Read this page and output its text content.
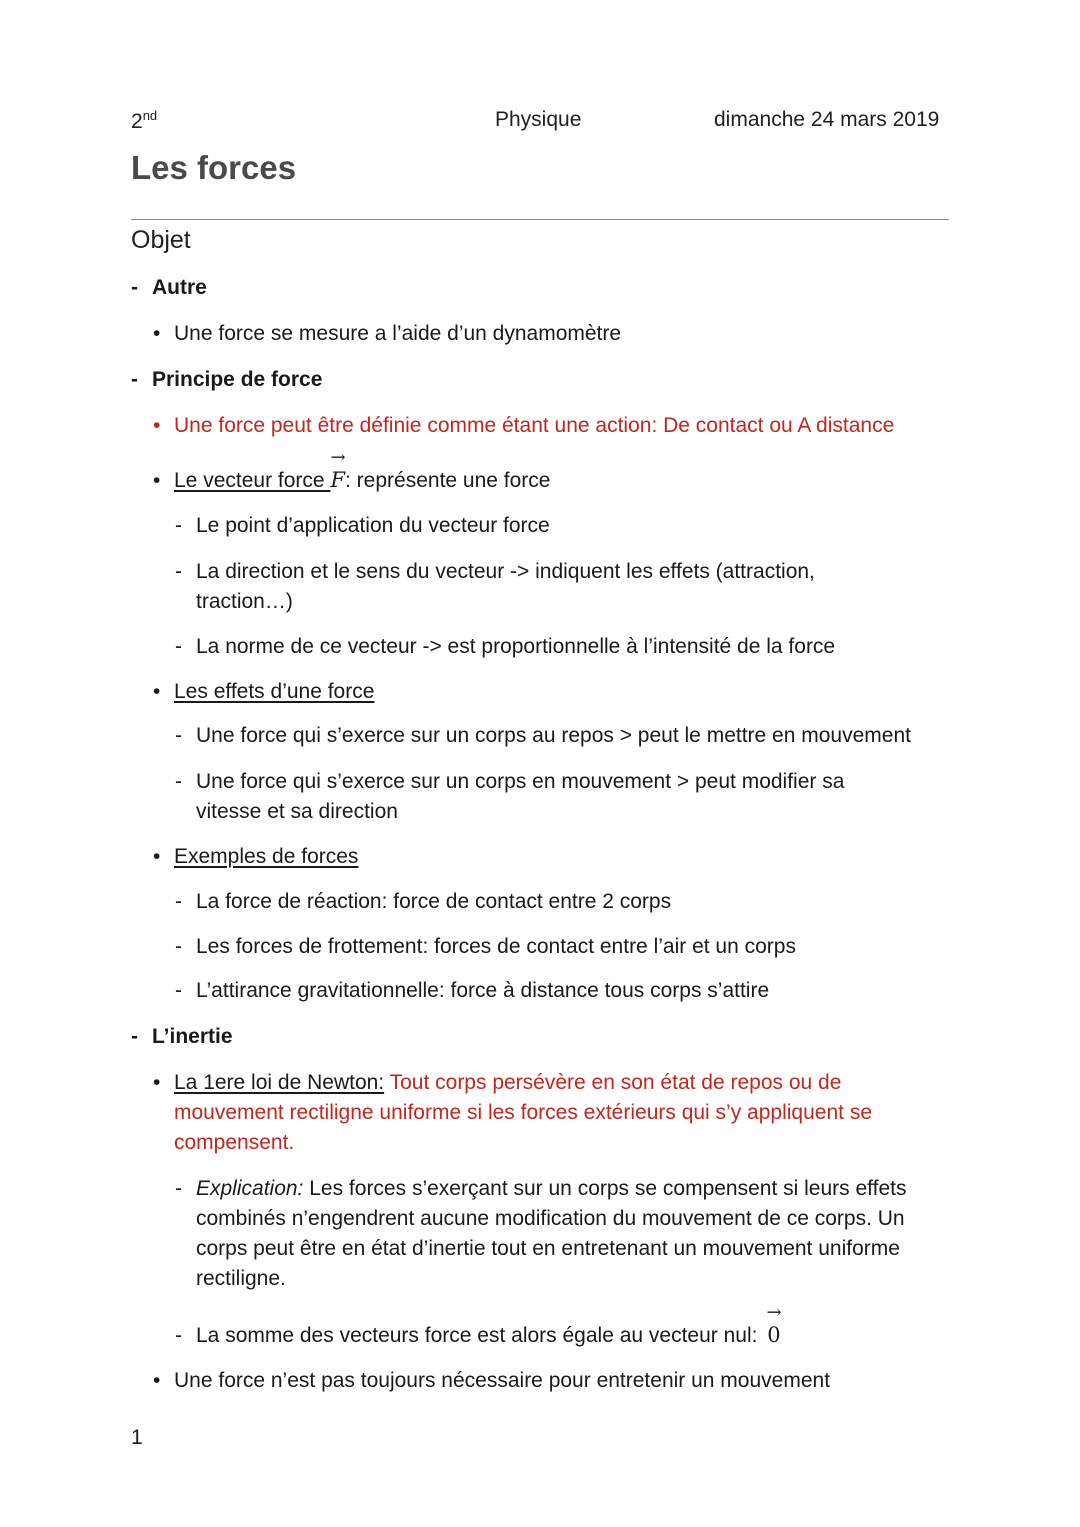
2nd	Physique	dimanche 24 mars 2019
Les forces
Objet
- Autre
• Une force se mesure a l’aide d’un dynamomètre
- Principe de force
• Une force peut être définie comme étant une action: De contact ou A distance
• Le vecteur force
→
F: représente une force
- Le point d’application du vecteur force
- La direction et le sens du vecteur -> indiquent les effets (attraction,
traction…)
- La norme de ce vecteur -> est proportionnelle à l’intensité de la force
• Les effets d’une force
- Une force qui s’exerce sur un corps au repos > peut le mettre en mouvement
- Une force qui s’exerce sur un corps en mouvement > peut modifier sa
vitesse et sa direction
• Exemples de forces
- La force de réaction: force de contact entre 2 corps
- Les forces de frottement: forces de contact entre l’air et un corps
- L’attirance gravitationnelle: force à distance tous corps s’attire
- L’inertie
• La 1ere loi de Newton: Tout corps persévère en son état de repos ou de
mouvement rectiligne uniforme si les forces extérieurs qui s’y appliquent se
compensent.
- Explication: Les forces s’exerçant sur un corps se compensent si leurs effets
combinés n’engendrent aucune modification du mouvement de ce corps. Un
corps peut être en état d’inertie tout en entretenant un mouvement uniforme
rectiligne.
- La somme des vecteurs force est alors égale au vecteur nul:
→
0
• Une force n’est pas toujours nécessaire pour entretenir un mouvement
1
